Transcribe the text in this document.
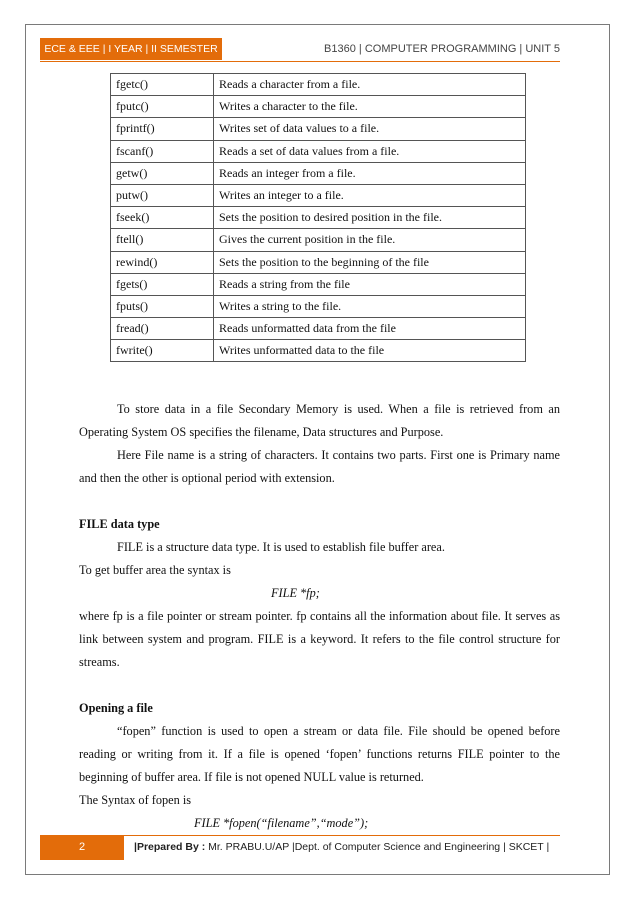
ECE & EEE | I YEAR | II SEMESTER	B1360 | COMPUTER PROGRAMMING | UNIT 5
fgetc()	Reads a character from a file.
fputc()	Writes a character to the file.
fprintf()	Writes set of data values to a file.
fscanf()	Reads a set of data values from a file.
getw()	Reads an integer from a file.
putw()	Writes an integer to a file.
fseek()	Sets the position to desired position in the file.
ftell()	Gives the current position in the file.
rewind()	Sets the position to the beginning of the file
fgets()	Reads a string from the file
fputs()	Writes a string to the file.
fread()	Reads unformatted data from the file
fwrite()	Writes unformatted data to the file

To store data in a file Secondary Memory is used. When a file is retrieved from an Operating System OS specifies the filename, Data structures and Purpose.

Here File name is a string of characters. It contains two parts. First one is Primary name and then the other is optional period with extension.

FILE data type

FILE is a structure data type. It is used to establish file buffer area.

To get buffer area the syntax is

FILE *fp;

where fp is a file pointer or stream pointer. fp contains all the information about file. It serves as link between system and program. FILE is a keyword. It refers to the file control structure for streams.

Opening a file

“fopen” function is used to open a stream or data file. File should be opened before reading or writing from it. If a file is opened ‘fopen’ functions returns FILE pointer to the beginning of buffer area. If file is not opened NULL value is returned.

The Syntax of fopen is

FILE *fopen(“filename”,“mode”);

2	|Prepared By : Mr. PRABU.U/AP |Dept. of Computer Science and Engineering | SKCET |
